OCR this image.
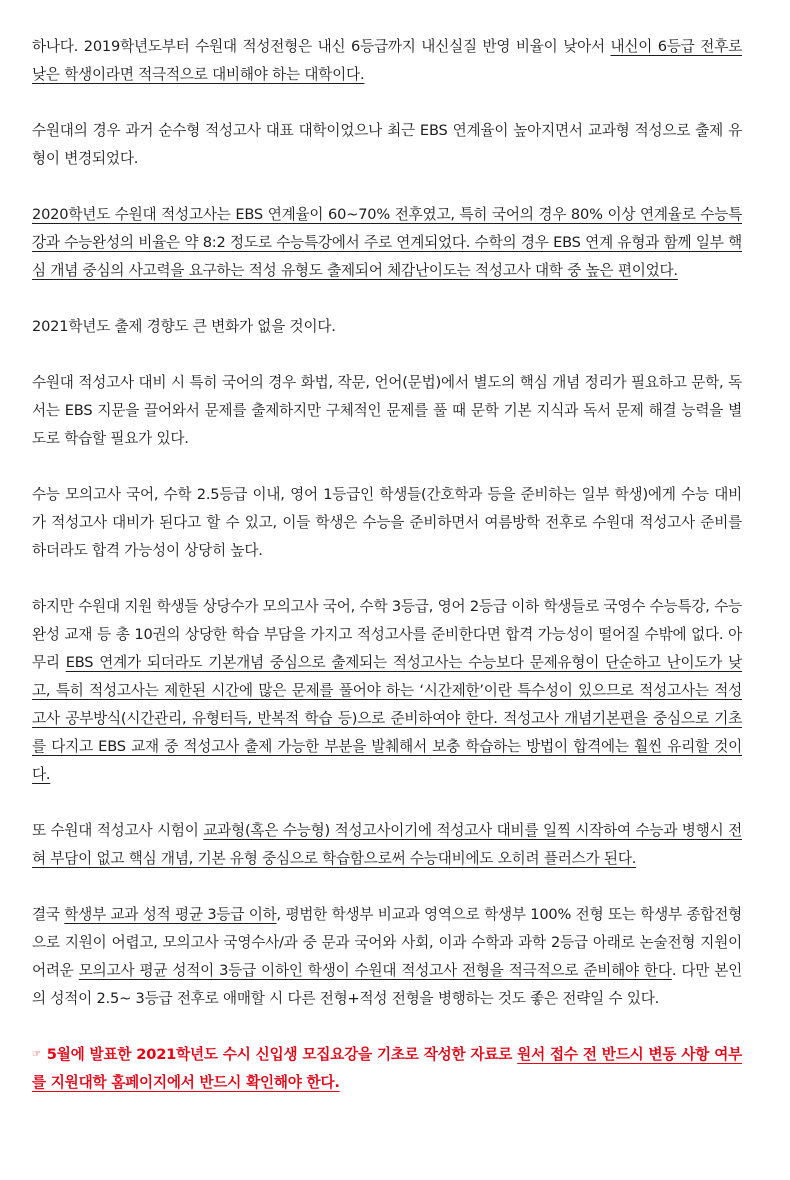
하나다. 2019학년도부터 수원대 적성전형은 내신 6등급까지 내신실질 반영 비율이 낮아서 내신이 6등급 전후로 낮은 학생이라면 적극적으로 대비해야 하는 대학이다.

수원대의 경우 과거 순수형 적성고사 대표 대학이었으나 최근 EBS 연계율이 높아지면서 교과형 적성으로 출제 유형이 변경되었다.

2020학년도 수원대 적성고사는 EBS 연계율이 60~70% 전후였고, 특히 국어의 경우 80% 이상 연계율로 수능특강과 수능완성의 비율은 약 8:2 정도로 수능특강에서 주로 연계되었다. 수학의 경우 EBS 연계 유형과 함께 일부 핵심 개념 중심의 사고력을 요구하는 적성 유형도 출제되어 체감난이도는 적성고사 대학 중 높은 편이었다.

2021학년도 출제 경향도 큰 변화가 없을 것이다.

수원대 적성고사 대비 시 특히 국어의 경우 화법, 작문, 언어(문법)에서 별도의 핵심 개념 정리가 필요하고 문학, 독서는 EBS 지문을 끌어와서 문제를 출제하지만 구체적인 문제를 풀 때 문학 기본 지식과 독서 문제 해결 능력을 별도로 학습할 필요가 있다.

수능 모의고사 국어, 수학 2.5등급 이내, 영어 1등급인 학생들(간호학과 등을 준비하는 일부 학생)에게 수능 대비가 적성고사 대비가 된다고 할 수 있고, 이들 학생은 수능을 준비하면서 여름방학 전후로 수원대 적성고사 준비를 하더라도 합격 가능성이 상당히 높다.

하지만 수원대 지원 학생들 상당수가 모의고사 국어, 수학 3등급, 영어 2등급 이하 학생들로 국영수 수능특강, 수능완성 교재 등 총 10권의 상당한 학습 부담을 가지고 적성고사를 준비한다면 합격 가능성이 떨어질 수밖에 없다. 아무리 EBS 연계가 되더라도 기본개념 중심으로 출제되는 적성고사는 수능보다 문제유형이 단순하고 난이도가 낮고, 특히 적성고사는 제한된 시간에 많은 문제를 풀어야 하는 ‘시간제한’이란 특수성이 있으므로 적성고사는 적성고사 공부방식(시간관리, 유형터득, 반복적 학습 등)으로 준비하여야 한다. 적성고사 개념기본편을 중심으로 기초를 다지고 EBS 교재 중 적성고사 출제 가능한 부분을 발췌해서 보충 학습하는 방법이 합격에는 훨씬 유리할 것이다.

또 수원대 적성고사 시험이 교과형(혹은 수능형) 적성고사이기에 적성고사 대비를 일찍 시작하여 수능과 병행시 전혀 부담이 없고 핵심 개념, 기본 유형 중심으로 학습함으로써 수능대비에도 오히려 플러스가 된다.

결국 학생부 교과 성적 평균 3등급 이하, 평범한 학생부 비교과 영역으로 학생부 100% 전형 또는 학생부 종합전형으로 지원이 어렵고, 모의고사 국영수사/과 중 문과 국어와 사회, 이과 수학과 과학 2등급 아래로 논술전형 지원이 어려운 모의고사 평균 성적이 3등급 이하인 학생이 수원대 적성고사 전형을 적극적으로 준비해야 한다. 다만 본인의 성적이 2.5~ 3등급 전후로 애매할 시 다른 전형+적성 전형을 병행하는 것도 좋은 전략일 수 있다.

☞ 5월에 발표한 2021학년도 수시 신입생 모집요강을 기초로 작성한 자료로 원서 접수 전 반드시 변동 사항 여부를 지원대학 홈페이지에서 반드시 확인해야 한다.
